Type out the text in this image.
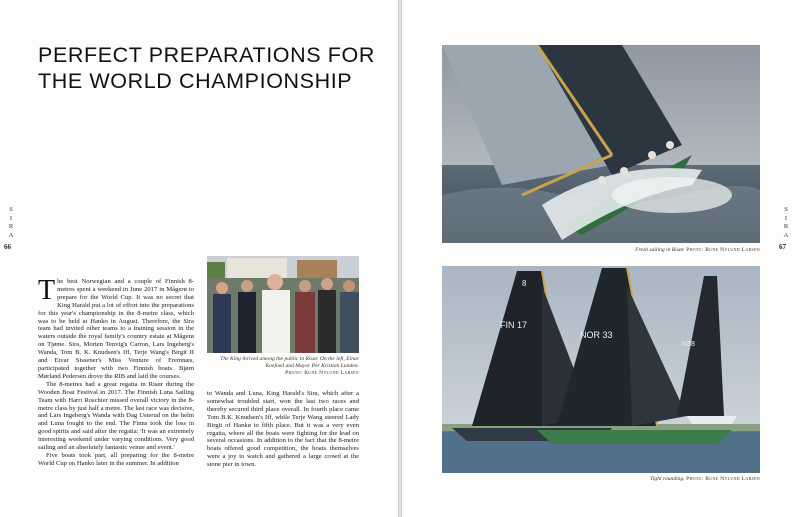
PERFECT PREPARATIONS FOR
THE WORLD CHAMPIONSHIP
S
I
R
A
66

The best Norwegian and a couple of Finnish 8-metres spent a weekend in June 2017 in Mågerø to prepare for the World Cup. It was no secret that King Harald put a lot of effort into the preparations for this year's championship in the 8-metre class, which was to be held at Hanko in August. Therefore, the Sira team had invited other teams to a training session in the waters outside the royal family's country estate at Mågerø on Tjøme. Sira, Morten Tenvig's Carron, Lars Ingeberg's Wanda, Tom B. K. Knudsen's Iff, Terje Wang's Birgit II and Eivar Sissener's Miss Venture of Fremnæs, participated together with two Finnish boats. Bjørn Mørland Pedersen drove the RIB and laid the courses.

The 8-metres had a great regatta in Risør during the Wooden Boat Festival in 2017. The Finnish Luna Sailing Team with Harri Roschier missed overall victory in the 8-metre class by just half a metre. The last race was decisive, and Lars Ingeberg's Wanda with Dag Usterud on the helm and Luna fought to the end. The Finns took the loss in good spirits and said after the regatta: 'It was an extremely interesting weekend under varying conditions. Very good sailing and an absolutely fantastic venue and event.'

Five boats took part, all preparing for the 8-metre World Cup on Hanko later in the summer. In addition

The King thrived among the public in Risør. On the left, Einar Koefoed and Mayor Per Kristian Lunden.
Photo: Rune Nylund Larsen

to Wanda and Luna, King Harald's Sira, which after a somewhat troubled start, won the last two races and thereby secured third place overall. In fourth place came Tom B.K. Knudsen's Iff, while Terje Wang steered Lady Birgit of Hankø to fifth place. But it was a very even regatta, where all the boats were fighting for the lead on several occasions. In addition to the fact that the 8-metre boats offered good competition, the boats themselves were a joy to watch and gathered a large crowd at the stone pier in town.

Fresh sailing in Risør. Photo: Rune Nylund Larsen
FIN 17
8
NOR 33
N38
Tight rounding. Photo: Rune Nylund Larsen
S
I
R
A
67
